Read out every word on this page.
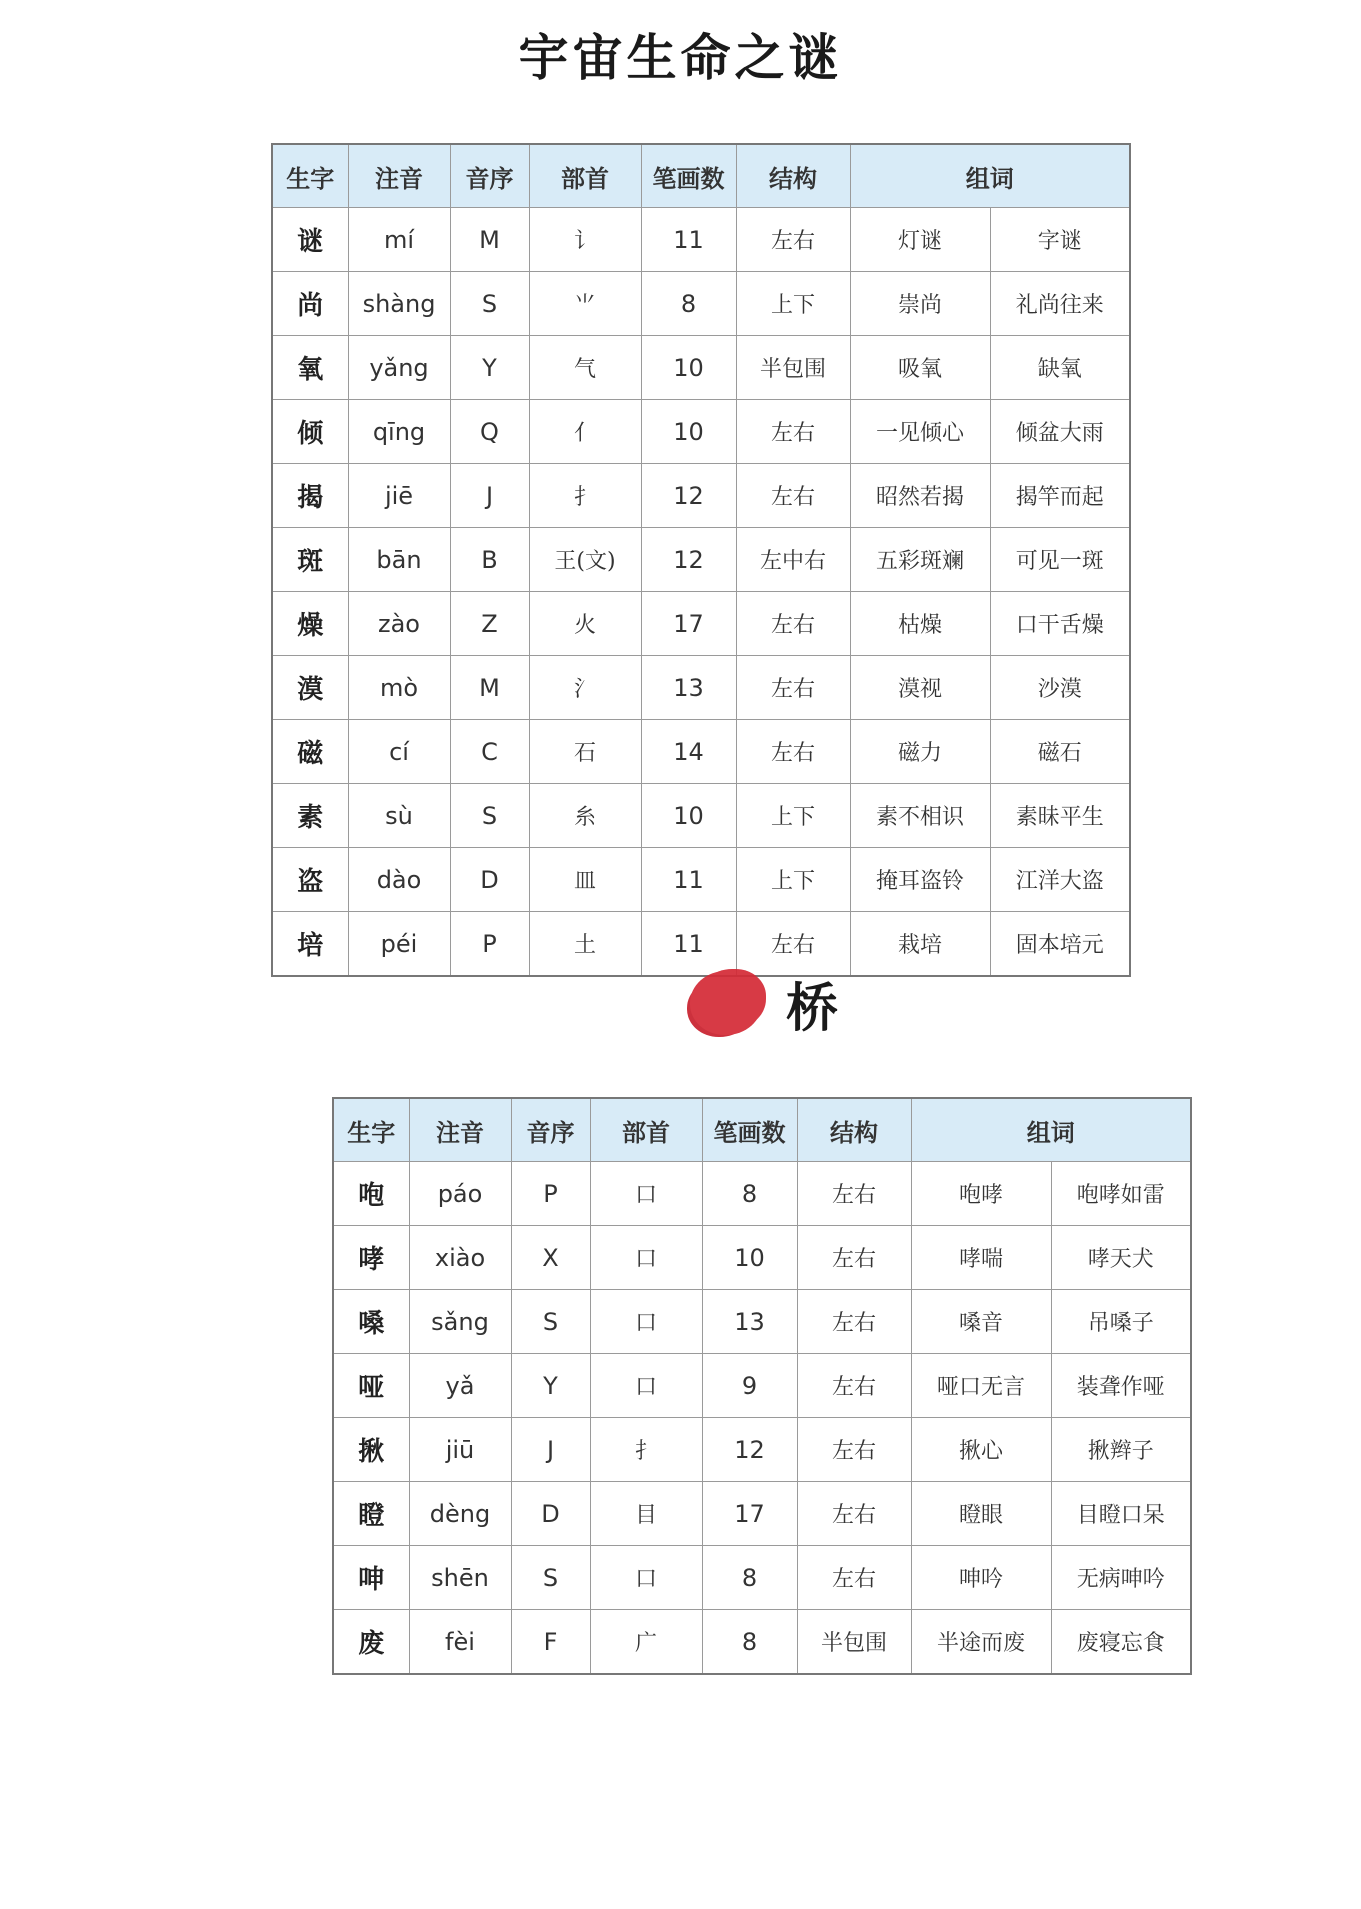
宇宙生命之谜
生字	注音	音序	部首	笔画数	结构	组词	
谜	mí	M	讠	11	左右	灯谜	字谜
尚	shàng	S	⺌	8	上下	崇尚	礼尚往来
氧	yǎng	Y	气	10	半包围	吸氧	缺氧
倾	qīng	Q	亻	10	左右	一见倾心	倾盆大雨
揭	jiē	J	扌	12	左右	昭然若揭	揭竿而起
斑	bān	B	王(文)	12	左中右	五彩斑斓	可见一斑
燥	zào	Z	火	17	左右	枯燥	口干舌燥
漠	mò	M	氵	13	左右	漠视	沙漠
磁	cí	C	石	14	左右	磁力	磁石
素	sù	S	糸	10	上下	素不相识	素昧平生
盗	dào	D	皿	11	上下	掩耳盗铃	江洋大盗
培	péi	P	土	11	左右	栽培	固本培元
桥
生字	注音	音序	部首	笔画数	结构	组词	
咆	páo	P	口	8	左右	咆哮	咆哮如雷
哮	xiào	X	口	10	左右	哮喘	哮天犬
嗓	sǎng	S	口	13	左右	嗓音	吊嗓子
哑	yǎ	Y	口	9	左右	哑口无言	装聋作哑
揪	jiū	J	扌	12	左右	揪心	揪辫子
瞪	dèng	D	目	17	左右	瞪眼	目瞪口呆
呻	shēn	S	口	8	左右	呻吟	无病呻吟
废	fèi	F	广	8	半包围	半途而废	废寝忘食
